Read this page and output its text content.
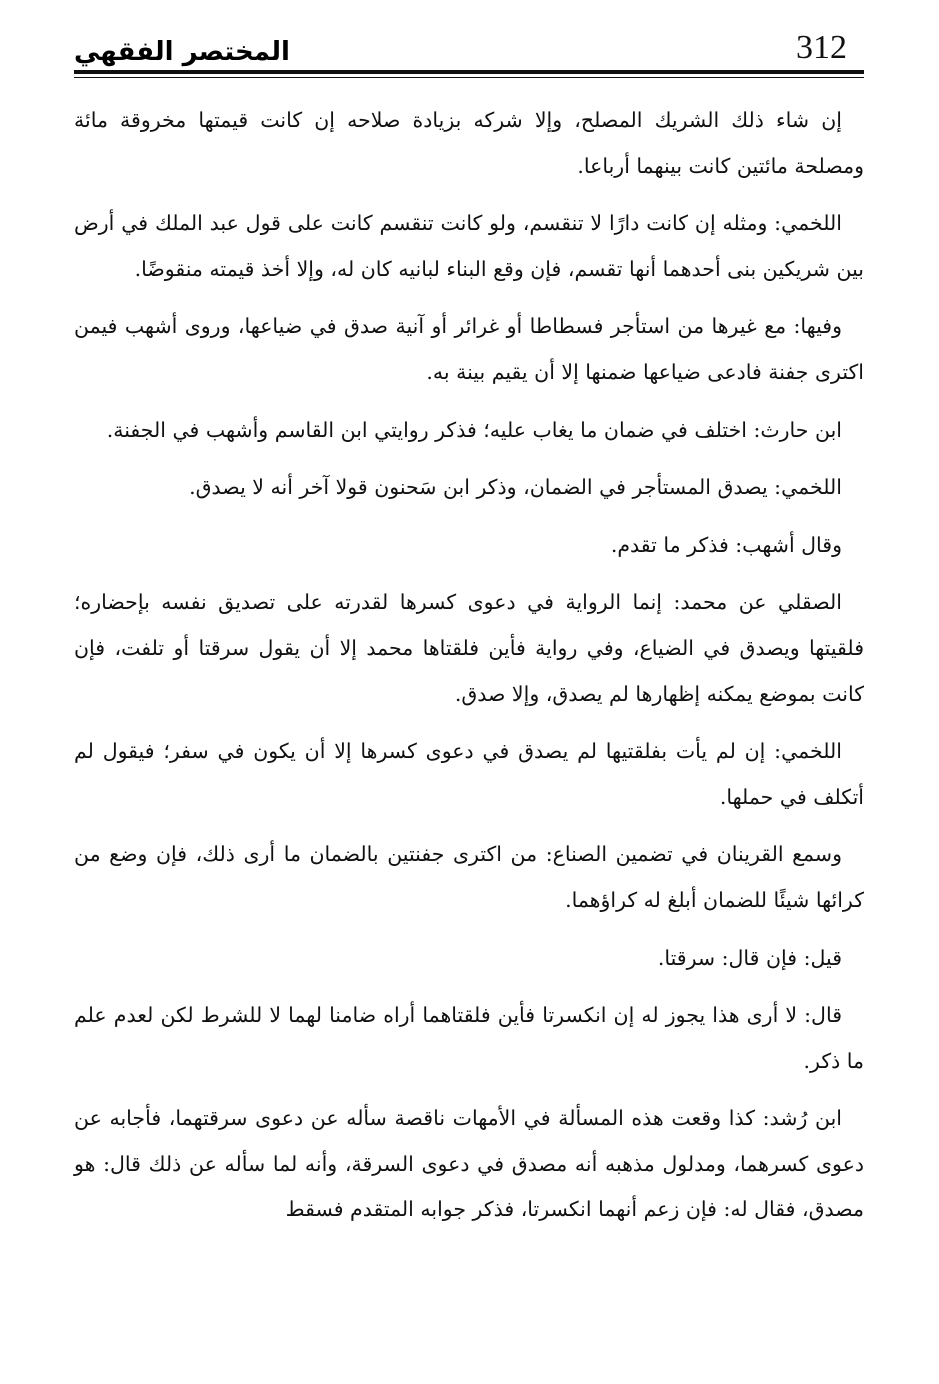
312
المختصر الفقهي

إن شاء ذلك الشريك المصلح، وإلا شركه بزيادة صلاحه إن كانت قيمتها مخروقة مائة ومصلحة مائتين كانت بينهما أرباعا.

اللخمي: ومثله إن كانت دارًا لا تنقسم، ولو كانت تنقسم كانت على قول عبد الملك في أرض بين شريكين بنى أحدهما أنها تقسم، فإن وقع البناء لبانيه كان له، وإلا أخذ قيمته منقوضًا.

وفيها: مع غيرها من استأجر فسطاطا أو غرائر أو آنية صدق في ضياعها، وروى أشهب فيمن اكترى جفنة فادعى ضياعها ضمنها إلا أن يقيم بينة به.

ابن حارث: اختلف في ضمان ما يغاب عليه؛ فذكر روايتي ابن القاسم وأشهب في الجفنة.

اللخمي: يصدق المستأجر في الضمان، وذكر ابن سَحنون قولا آخر أنه لا يصدق.

وقال أشهب: فذكر ما تقدم.

الصقلي عن محمد: إنما الرواية في دعوى كسرها لقدرته على تصديق نفسه بإحضاره؛ فلقيتها ويصدق في الضياع، وفي رواية فأين فلقتاها محمد إلا أن يقول سرقتا أو تلفت، فإن كانت بموضع يمكنه إظهارها لم يصدق، وإلا صدق.

اللخمي: إن لم يأت بفلقتيها لم يصدق في دعوى كسرها إلا أن يكون في سفر؛ فيقول لم أتكلف في حملها.

وسمع القرينان في تضمين الصناع: من اكترى جفنتين بالضمان ما أرى ذلك، فإن وضع من كرائها شيئًا للضمان أبلغ له كراؤهما.

قيل: فإن قال: سرقتا.

قال: لا أرى هذا يجوز له إن انكسرتا فأين فلقتاهما أراه ضامنا لهما لا للشرط لكن لعدم علم ما ذكر.

ابن رُشد: كذا وقعت هذه المسألة في الأمهات ناقصة سأله عن دعوى سرقتهما، فأجابه عن دعوى كسرهما، ومدلول مذهبه أنه مصدق في دعوى السرقة، وأنه لما سأله عن ذلك قال: هو مصدق، فقال له: فإن زعم أنهما انكسرتا، فذكر جوابه المتقدم فسقط
